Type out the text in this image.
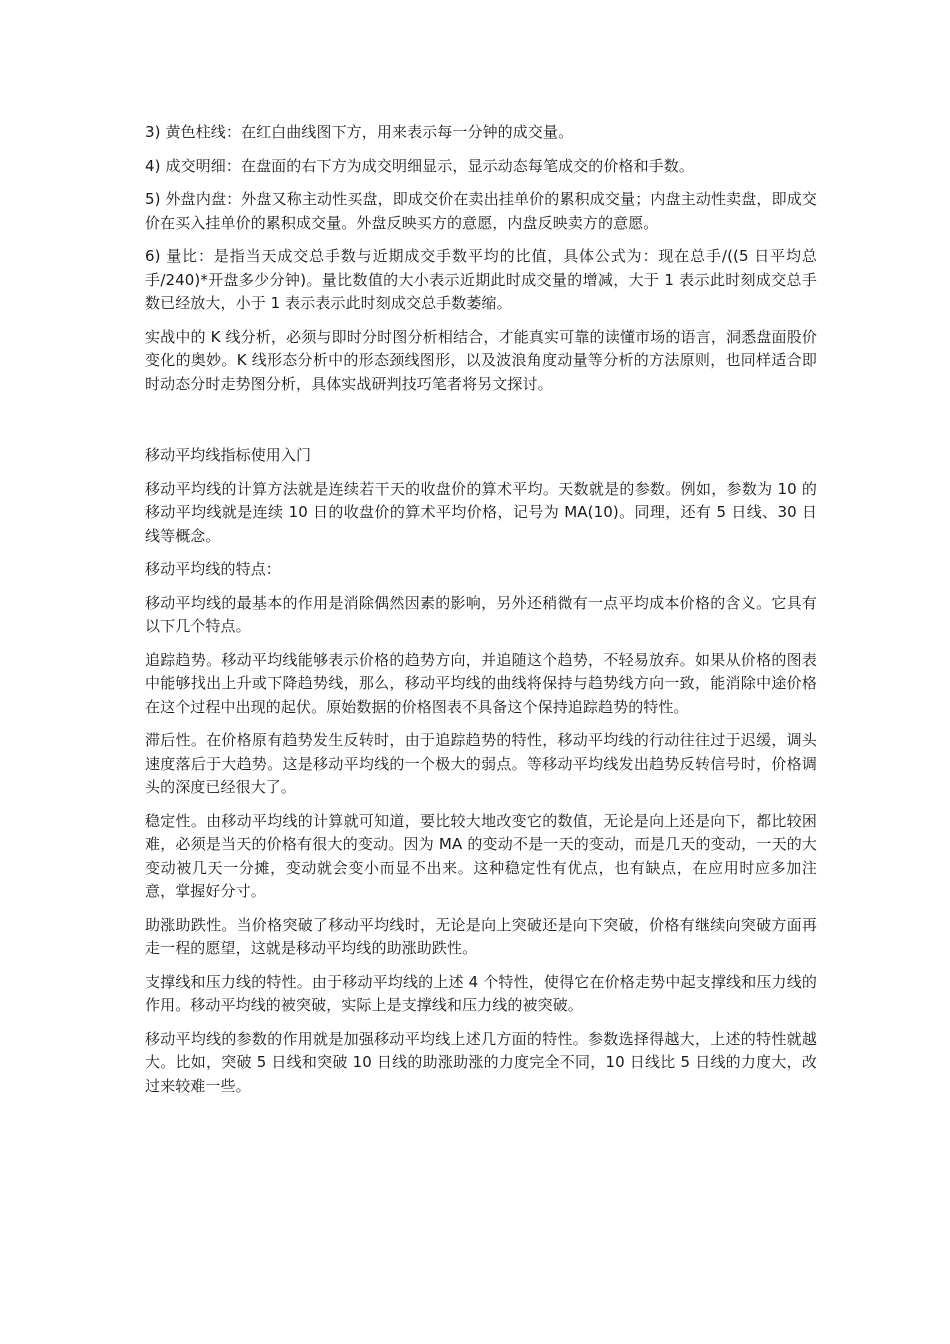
3) 黄色柱线：在红白曲线图下方，用来表示每一分钟的成交量。

4) 成交明细：在盘面的右下方为成交明细显示，显示动态每笔成交的价格和手数。

5) 外盘内盘：外盘又称主动性买盘，即成交价在卖出挂单价的累积成交量；内盘主动性卖盘，即成交价在买入挂单价的累积成交量。外盘反映买方的意愿，内盘反映卖方的意愿。

6) 量比：是指当天成交总手数与近期成交手数平均的比值，具体公式为：现在总手/((5 日平均总手/240)*开盘多少分钟)。量比数值的大小表示近期此时成交量的增减，大于 1 表示此时刻成交总手数已经放大，小于 1 表示表示此时刻成交总手数萎缩。

实战中的 K 线分析，必须与即时分时图分析相结合，才能真实可靠的读懂市场的语言，洞悉盘面股价变化的奥妙。K 线形态分析中的形态颈线图形，以及波浪角度动量等分析的方法原则，也同样适合即时动态分时走势图分析，具体实战研判技巧笔者将另文探讨。

移动平均线指标使用入门

移动平均线的计算方法就是连续若干天的收盘价的算术平均。天数就是的参数。例如，参数为 10 的移动平均线就是连续 10 日的收盘价的算术平均价格，记号为 MA(10)。同理，还有 5 日线、30 日线等概念。

移动平均线的特点：

移动平均线的最基本的作用是消除偶然因素的影响，另外还稍微有一点平均成本价格的含义。它具有以下几个特点。

追踪趋势。移动平均线能够表示价格的趋势方向，并追随这个趋势，不轻易放弃。如果从价格的图表中能够找出上升或下降趋势线，那么，移动平均线的曲线将保持与趋势线方向一致，能消除中途价格在这个过程中出现的起伏。原始数据的价格图表不具备这个保持追踪趋势的特性。

滞后性。在价格原有趋势发生反转时，由于追踪趋势的特性，移动平均线的行动往往过于迟缓，调头速度落后于大趋势。这是移动平均线的一个极大的弱点。等移动平均线发出趋势反转信号时，价格调头的深度已经很大了。

稳定性。由移动平均线的计算就可知道，要比较大地改变它的数值，无论是向上还是向下，都比较困难，必须是当天的价格有很大的变动。因为 MA 的变动不是一天的变动，而是几天的变动，一天的大变动被几天一分摊，变动就会变小而显不出来。这种稳定性有优点，也有缺点，在应用时应多加注意，掌握好分寸。

助涨助跌性。当价格突破了移动平均线时，无论是向上突破还是向下突破，价格有继续向突破方面再走一程的愿望，这就是移动平均线的助涨助跌性。

支撑线和压力线的特性。由于移动平均线的上述 4 个特性，使得它在价格走势中起支撑线和压力线的作用。移动平均线的被突破，实际上是支撑线和压力线的被突破。

移动平均线的参数的作用就是加强移动平均线上述几方面的特性。参数选择得越大，上述的特性就越大。比如，突破 5 日线和突破 10 日线的助涨助涨的力度完全不同，10 日线比 5 日线的力度大，改过来较难一些。
